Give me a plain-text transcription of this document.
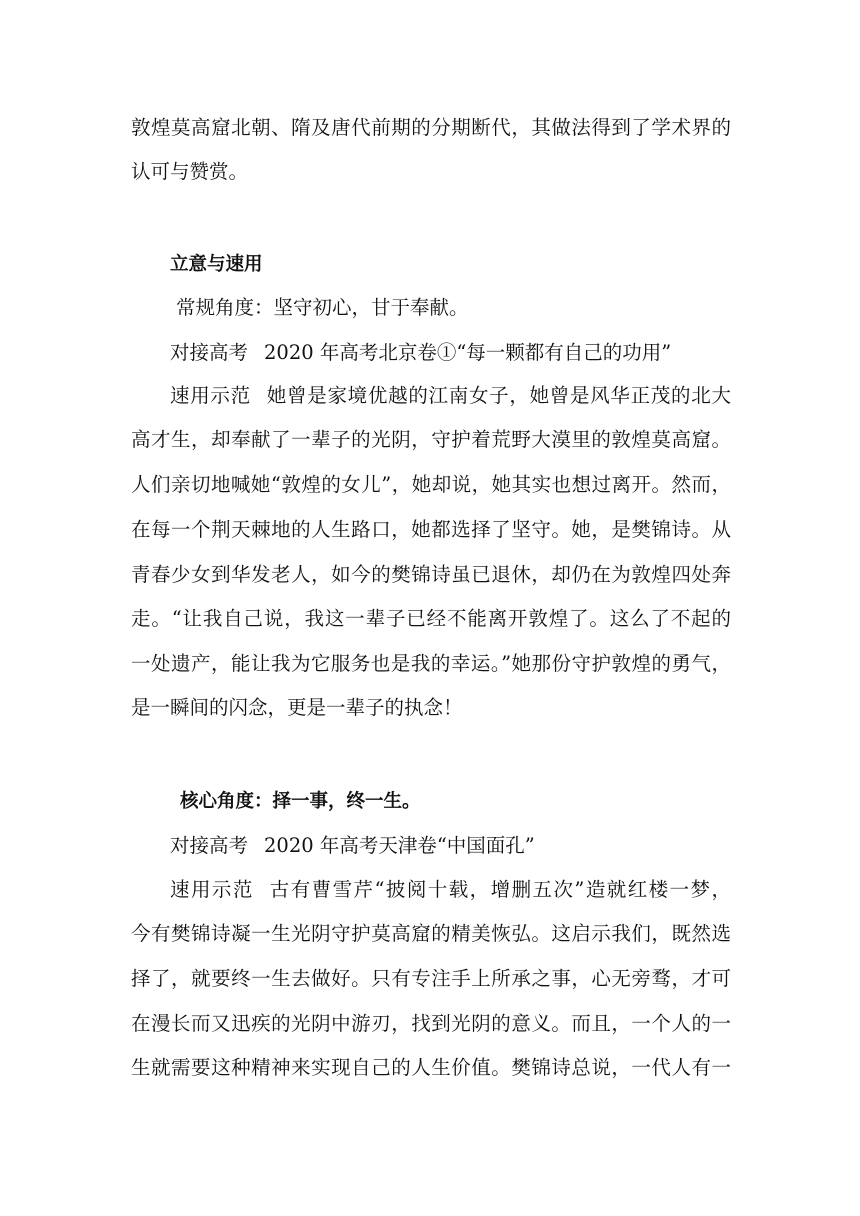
敦煌莫高窟北朝、隋及唐代前期的分期断代，其做法得到了学术界的
认可与赞赏。
立意与速用
常规角度：坚守初心，甘于奉献。
对接高考 2020 年高考北京卷①“每一颗都有自己的功用”
速用示范 她曾是家境优越的江南女子，她曾是风华正茂的北大
高才生，却奉献了一辈子的光阴，守护着荒野大漠里的敦煌莫高窟。
人们亲切地喊她“敦煌的女儿”，她却说，她其实也想过离开。然而，
在每一个荆天棘地的人生路口，她都选择了坚守。她，是樊锦诗。从
青春少女到华发老人，如今的樊锦诗虽已退休，却仍在为敦煌四处奔
走。“让我自己说，我这一辈子已经不能离开敦煌了。这么了不起的
一处遗产，能让我为它服务也是我的幸运。”她那份守护敦煌的勇气，
是一瞬间的闪念，更是一辈子的执念！
核心角度：择一事，终一生。
对接高考 2020 年高考天津卷“中国面孔”
速用示范 古有曹雪芹“披阅十载，增删五次”造就红楼一梦，
今有樊锦诗凝一生光阴守护莫高窟的精美恢弘。这启示我们，既然选
择了，就要终一生去做好。只有专注手上所承之事，心无旁骛，才可
在漫长而又迅疾的光阴中游刃，找到光阴的意义。而且，一个人的一
生就需要这种精神来实现自己的人生价值。樊锦诗总说，一代人有一
